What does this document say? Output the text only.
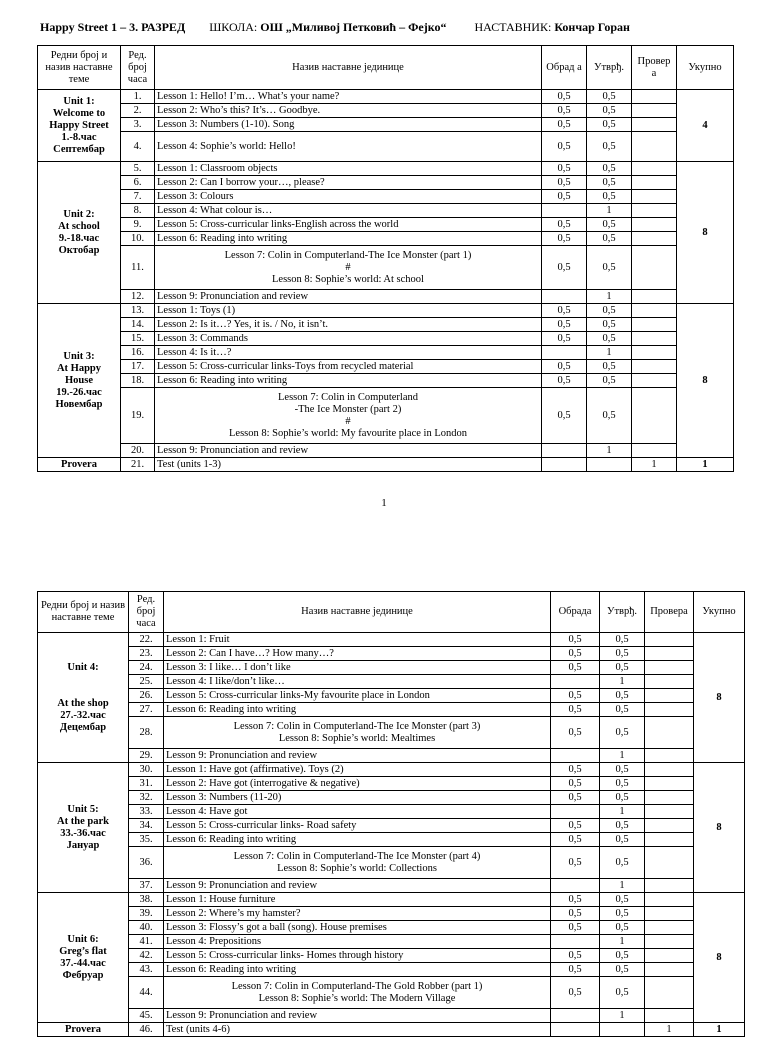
Happy Street 1 – 3. РАЗРЕД ШКОЛА: ОШ „Миливој Петковић – Фејко“ НАСТАВНИК: Кончар Горан
Редни број и назив наставне теме	Ред. број часа	Назив наставне јединице	Обрад а	Утврђ.	Провер а	Укупно
Unit 1:
Welcome to
Happy Street
1.-8.час
Септембар	1.	Lesson 1: Hello! I’m… What’s your name?	0,5	0,5		4
	2.	Lesson 2: Who’s this? It’s… Goodbye.	0,5	0,5		
	3.	Lesson 3: Numbers (1-10). Song	0,5	0,5		
	4.	Lesson 4: Sophie’s world: Hello!	0,5	0,5		
Unit 2:
At school
9.-18.час
Октобар	5.	Lesson 1: Classroom objects	0,5	0,5		8
	6.	Lesson 2: Can I borrow your…, please?	0,5	0,5		
	7.	Lesson 3: Colours	0,5	0,5		
	8.	Lesson 4: What colour is…		1		
	9.	Lesson 5: Cross-curricular links-English across the world	0,5	0,5		
	10.	Lesson 6: Reading into writing	0,5	0,5		
	11.	Lesson 7: Colin in Computerland-The Ice Monster (part 1)
#
Lesson 8: Sophie’s world: At school	0,5	0,5		
	12.	Lesson 9: Pronunciation and review		1		
Unit 3:
At Happy
House
19.-26.час
Новембар	13.	Lesson 1: Toys (1)	0,5	0,5		8
	14.	Lesson 2: Is it…? Yes, it is. / No, it isn’t.	0,5	0,5		
	15.	Lesson 3: Commands	0,5	0,5		
	16.	Lesson 4: Is it…?		1		
	17.	Lesson 5: Cross-curricular links-Toys from recycled material	0,5	0,5		
	18.	Lesson 6: Reading into writing	0,5	0,5		
	19.	Lesson 7: Colin in Computerland
-The Ice Monster (part 2)
#
Lesson 8: Sophie’s world: My favourite place in London	0,5	0,5		
	20.	Lesson 9: Pronunciation and review		1		
Provera	21.	Test (units 1-3)			1	1
1
Редни број и назив наставне теме	Ред. број часа	Назив наставне јединице	Обрада	Утврђ.	Провера	Укупно
Unit 4:

At the shop
27.-32.час
Децембар	22.	Lesson 1: Fruit	0,5	0,5		8
	23.	Lesson 2: Can I have…? How many…?	0,5	0,5		
	24.	Lesson 3: I like… I don’t like	0,5	0,5		
	25.	Lesson 4: I like/don’t like…		1		
	26.	Lesson 5: Cross-curricular links-My favourite place in London	0,5	0,5		
	27.	Lesson 6: Reading into writing	0,5	0,5		
	28.	Lesson 7: Colin in Computerland-The Ice Monster (part 3)
Lesson 8: Sophie’s world: Mealtimes	0,5	0,5		
	29.	Lesson 9: Pronunciation and review		1		
Unit 5:
At the park
33.-36.час
Јануар	30.	Lesson 1: Have got (affirmative). Toys (2)	0,5	0,5		8
	31.	Lesson 2: Have got (interrogative & negative)	0,5	0,5		
	32.	Lesson 3: Numbers (11-20)	0,5	0,5		
	33.	Lesson 4: Have got		1		
	34.	Lesson 5: Cross-curricular links- Road safety	0,5	0,5		
	35.	Lesson 6: Reading into writing	0,5	0,5		
	36.	Lesson 7: Colin in Computerland-The Ice Monster (part 4)
Lesson 8: Sophie’s world: Collections	0,5	0,5		
	37.	Lesson 9: Pronunciation and review		1		
Unit 6:
Greg’s flat
37.-44.час
Фебруар	38.	Lesson 1: House furniture	0,5	0,5		8
	39.	Lesson 2: Where’s my hamster?	0,5	0,5		
	40.	Lesson 3: Flossy’s got a ball (song). House premises	0,5	0,5		
	41.	Lesson 4: Prepositions		1		
	42.	Lesson 5: Cross-curricular links- Homes through history	0,5	0,5		
	43.	Lesson 6: Reading into writing	0,5	0,5		
	44.	Lesson 7: Colin in Computerland-The Gold Robber (part 1)
Lesson 8: Sophie’s world: The Modern Village	0,5	0,5		
	45.	Lesson 9: Pronunciation and review		1		
Provera	46.	Test (units 4-6)			1	1
